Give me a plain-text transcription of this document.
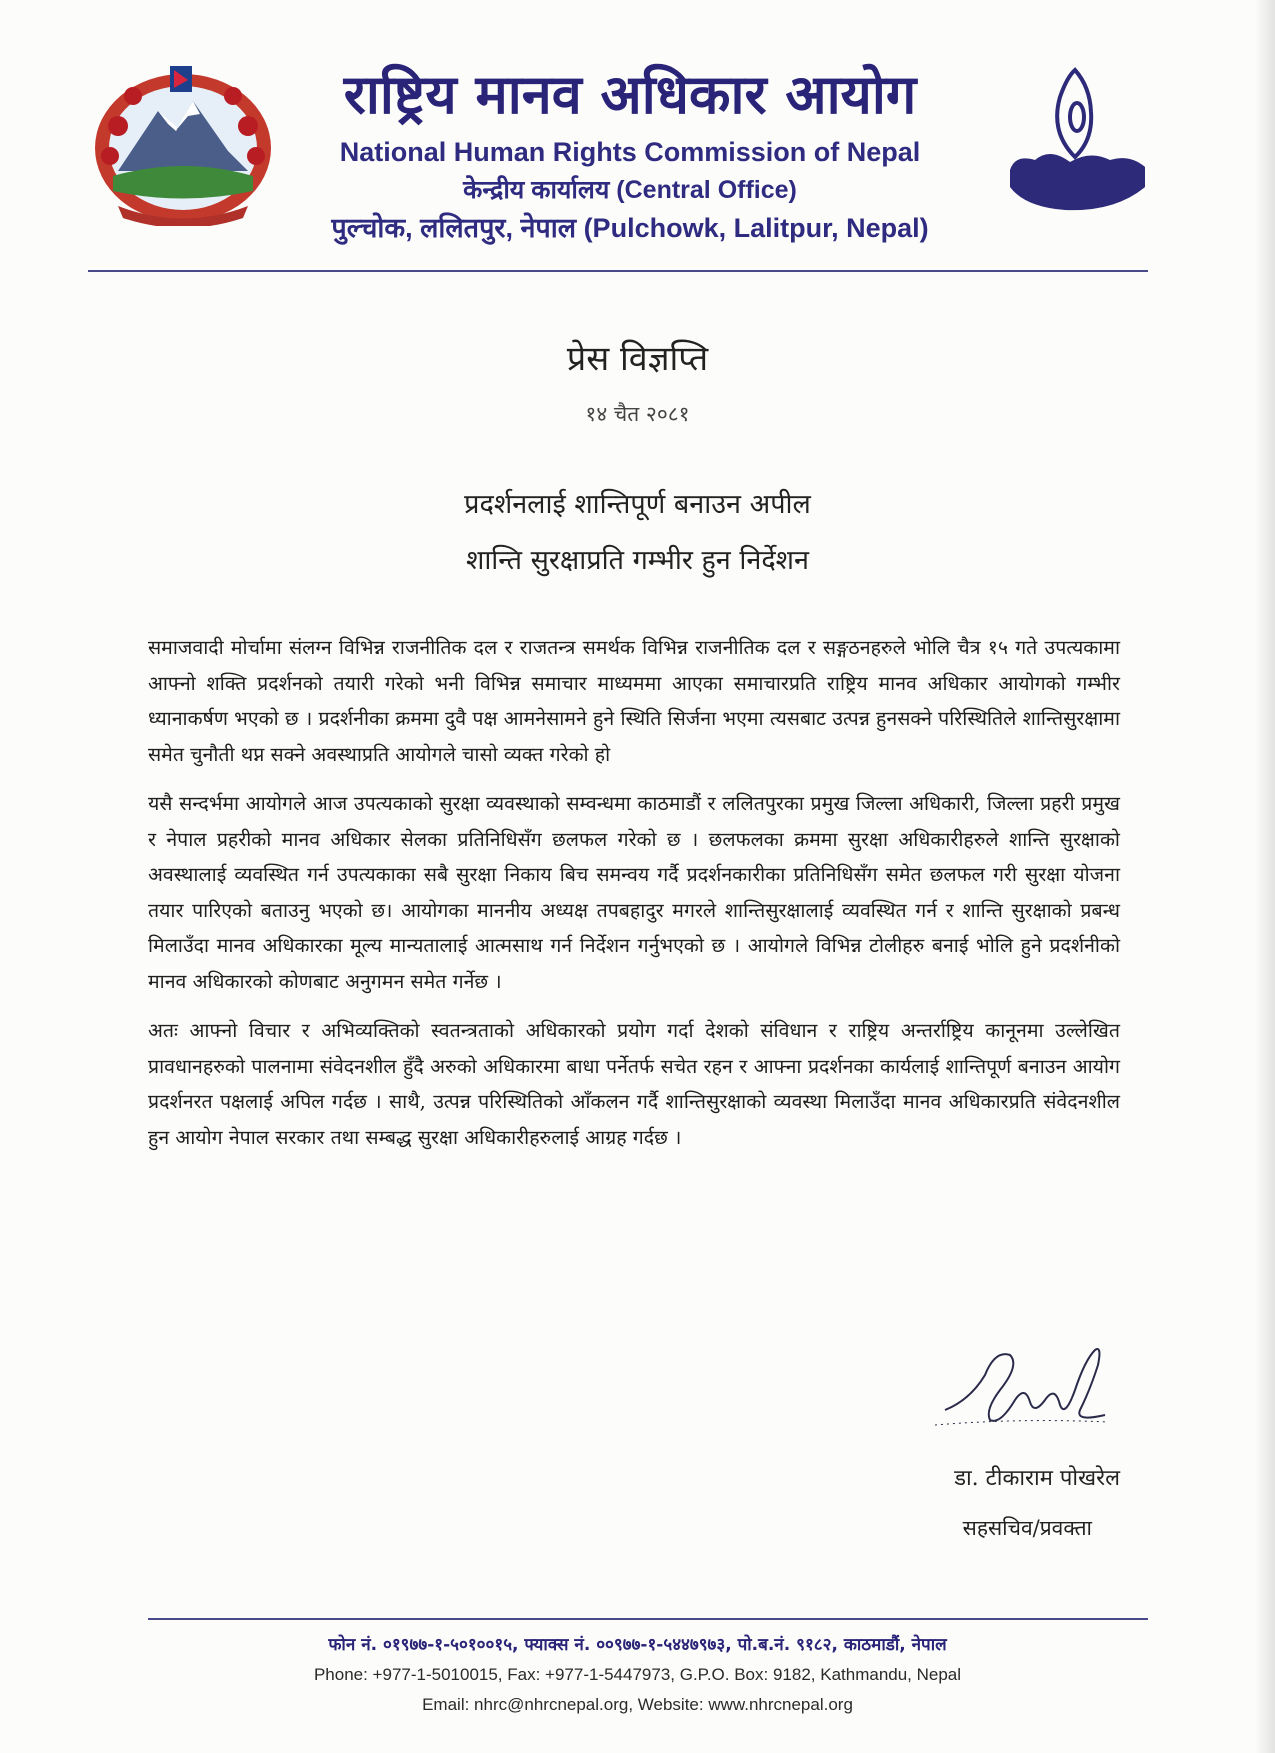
राष्ट्रिय मानव अधिकार आयोग
National Human Rights Commission of Nepal
केन्द्रीय कार्यालय (Central Office)
पुल्चोक, ललितपुर, नेपाल (Pulchowk, Lalitpur, Nepal)
प्रेस विज्ञप्ति
१४ चैत २०८१
प्रदर्शनलाई शान्तिपूर्ण बनाउन अपील
शान्ति सुरक्षाप्रति गम्भीर हुन निर्देशन

समाजवादी मोर्चामा संलग्न विभिन्न राजनीतिक दल र राजतन्त्र समर्थक विभिन्न राजनीतिक दल र सङ्गठनहरुले भोलि चैत्र १५ गते उपत्यकामा आफ्नो शक्ति प्रदर्शनको तयारी गरेको भनी विभिन्न समाचार माध्यममा आएका समाचारप्रति राष्ट्रिय मानव अधिकार आयोगको गम्भीर ध्यानाकर्षण भएको छ । प्रदर्शनीका क्रममा दुवै पक्ष आमनेसामने हुने स्थिति सिर्जना भएमा त्यसबाट उत्पन्न हुनसक्ने परिस्थितिले शान्तिसुरक्षामा समेत चुनौती थप्न सक्ने अवस्थाप्रति आयोगले चासो व्यक्त गरेको हो

यसै सन्दर्भमा आयोगले आज उपत्यकाको सुरक्षा व्यवस्थाको सम्वन्धमा काठमाडौं र ललितपुरका प्रमुख जिल्ला अधिकारी, जिल्ला प्रहरी प्रमुख र नेपाल प्रहरीको मानव अधिकार सेलका प्रतिनिधिसँग छलफल गरेको छ । छलफलका क्रममा सुरक्षा अधिकारीहरुले शान्ति सुरक्षाको अवस्थालाई व्यवस्थित गर्न उपत्यकाका सबै सुरक्षा निकाय बिच समन्वय गर्दै प्रदर्शनकारीका प्रतिनिधिसँग समेत छलफल गरी सुरक्षा योजना तयार पारिएको बताउनु भएको छ। आयोगका माननीय अध्यक्ष तपबहादुर मगरले शान्तिसुरक्षालाई व्यवस्थित गर्न र शान्ति सुरक्षाको प्रबन्ध मिलाउँदा मानव अधिकारका मूल्य मान्यतालाई आत्मसाथ गर्न निर्देशन गर्नुभएको छ । आयोगले विभिन्न टोलीहरु बनाई भोलि हुने प्रदर्शनीको मानव अधिकारको कोणबाट अनुगमन समेत गर्नेछ ।

अतः आफ्नो विचार र अभिव्यक्तिको स्वतन्त्रताको अधिकारको प्रयोग गर्दा देशको संविधान र राष्ट्रिय अन्तर्राष्ट्रिय कानूनमा उल्लेखित प्रावधानहरुको पालनामा संवेदनशील हुँदै अरुको अधिकारमा बाधा पर्नेतर्फ सचेत रहन र आफ्ना प्रदर्शनका कार्यलाई शान्तिपूर्ण बनाउन आयोग प्रदर्शनरत पक्षलाई अपिल गर्दछ । साथै, उत्पन्न परिस्थितिको आँकलन गर्दै शान्तिसुरक्षाको व्यवस्था मिलाउँदा मानव अधिकारप्रति संवेदनशील हुन आयोग नेपाल सरकार तथा सम्बद्ध सुरक्षा अधिकारीहरुलाई आग्रह गर्दछ ।

डा. टीकाराम पोखरेल
सहसचिव/प्रवक्ता
फोन नं. ०१९७७-१-५०१००१५, फ्याक्स नं. ००९७७-१-५४४७९७३, पो.ब.नं. ९१८२, काठमाडौं, नेपाल
Phone: +977-1-5010015, Fax: +977-1-5447973, G.P.O. Box: 9182, Kathmandu, Nepal
Email: nhrc@nhrcnepal.org, Website: www.nhrcnepal.org
